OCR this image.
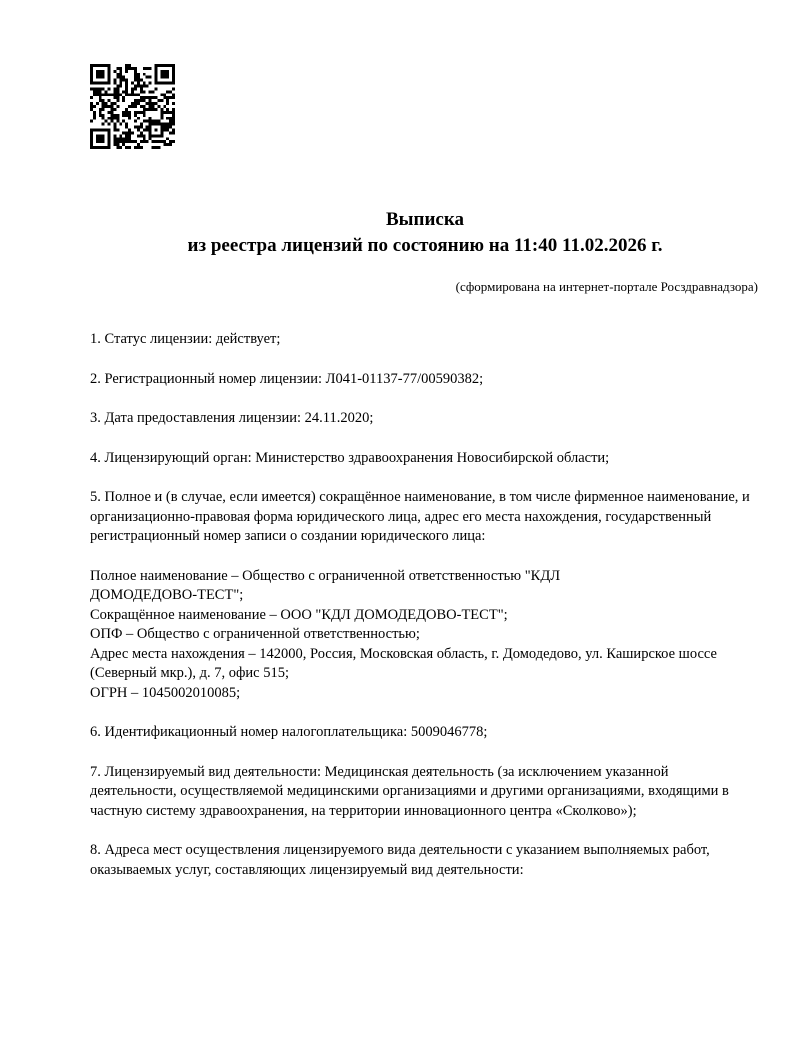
Выписка
из реестра лицензий по состоянию на 11:40 11.02.2026 г.
(сформирована на интернет-портале Росздравнадзора)

1. Статус лицензии: действует;

2. Регистрационный номер лицензии: Л041-01137-77/00590382;

3. Дата предоставления лицензии: 24.11.2020;

4. Лицензирующий орган: Министерство здравоохранения Новосибирской области;

5. Полное и (в случае, если имеется) сокращённое наименование, в том числе фирменное наименование, и организационно-правовая форма юридического лица, адрес его места нахождения, государственный регистрационный номер записи о создании юридического лица:

Полное наименование – Общество с ограниченной ответственностью "КДЛ
ДОМОДЕДОВО-ТЕСТ";
Сокращённое наименование – ООО "КДЛ ДОМОДЕДОВО-ТЕСТ";
ОПФ – Общество с ограниченной ответственностью;
Адрес места нахождения – 142000, Россия, Московская область, г. Домодедово, ул. Каширское шоссе (Северный мкр.), д. 7, офис 515;
ОГРН – 1045002010085;

6. Идентификационный номер налогоплательщика: 5009046778;

7. Лицензируемый вид деятельности: Медицинская деятельность (за исключением указанной деятельности, осуществляемой медицинскими организациями и другими организациями, входящими в частную систему здравоохранения, на территории инновационного центра «Сколково»);

8. Адреса мест осуществления лицензируемого вида деятельности с указанием выполняемых работ, оказываемых услуг, составляющих лицензируемый вид деятельности:
